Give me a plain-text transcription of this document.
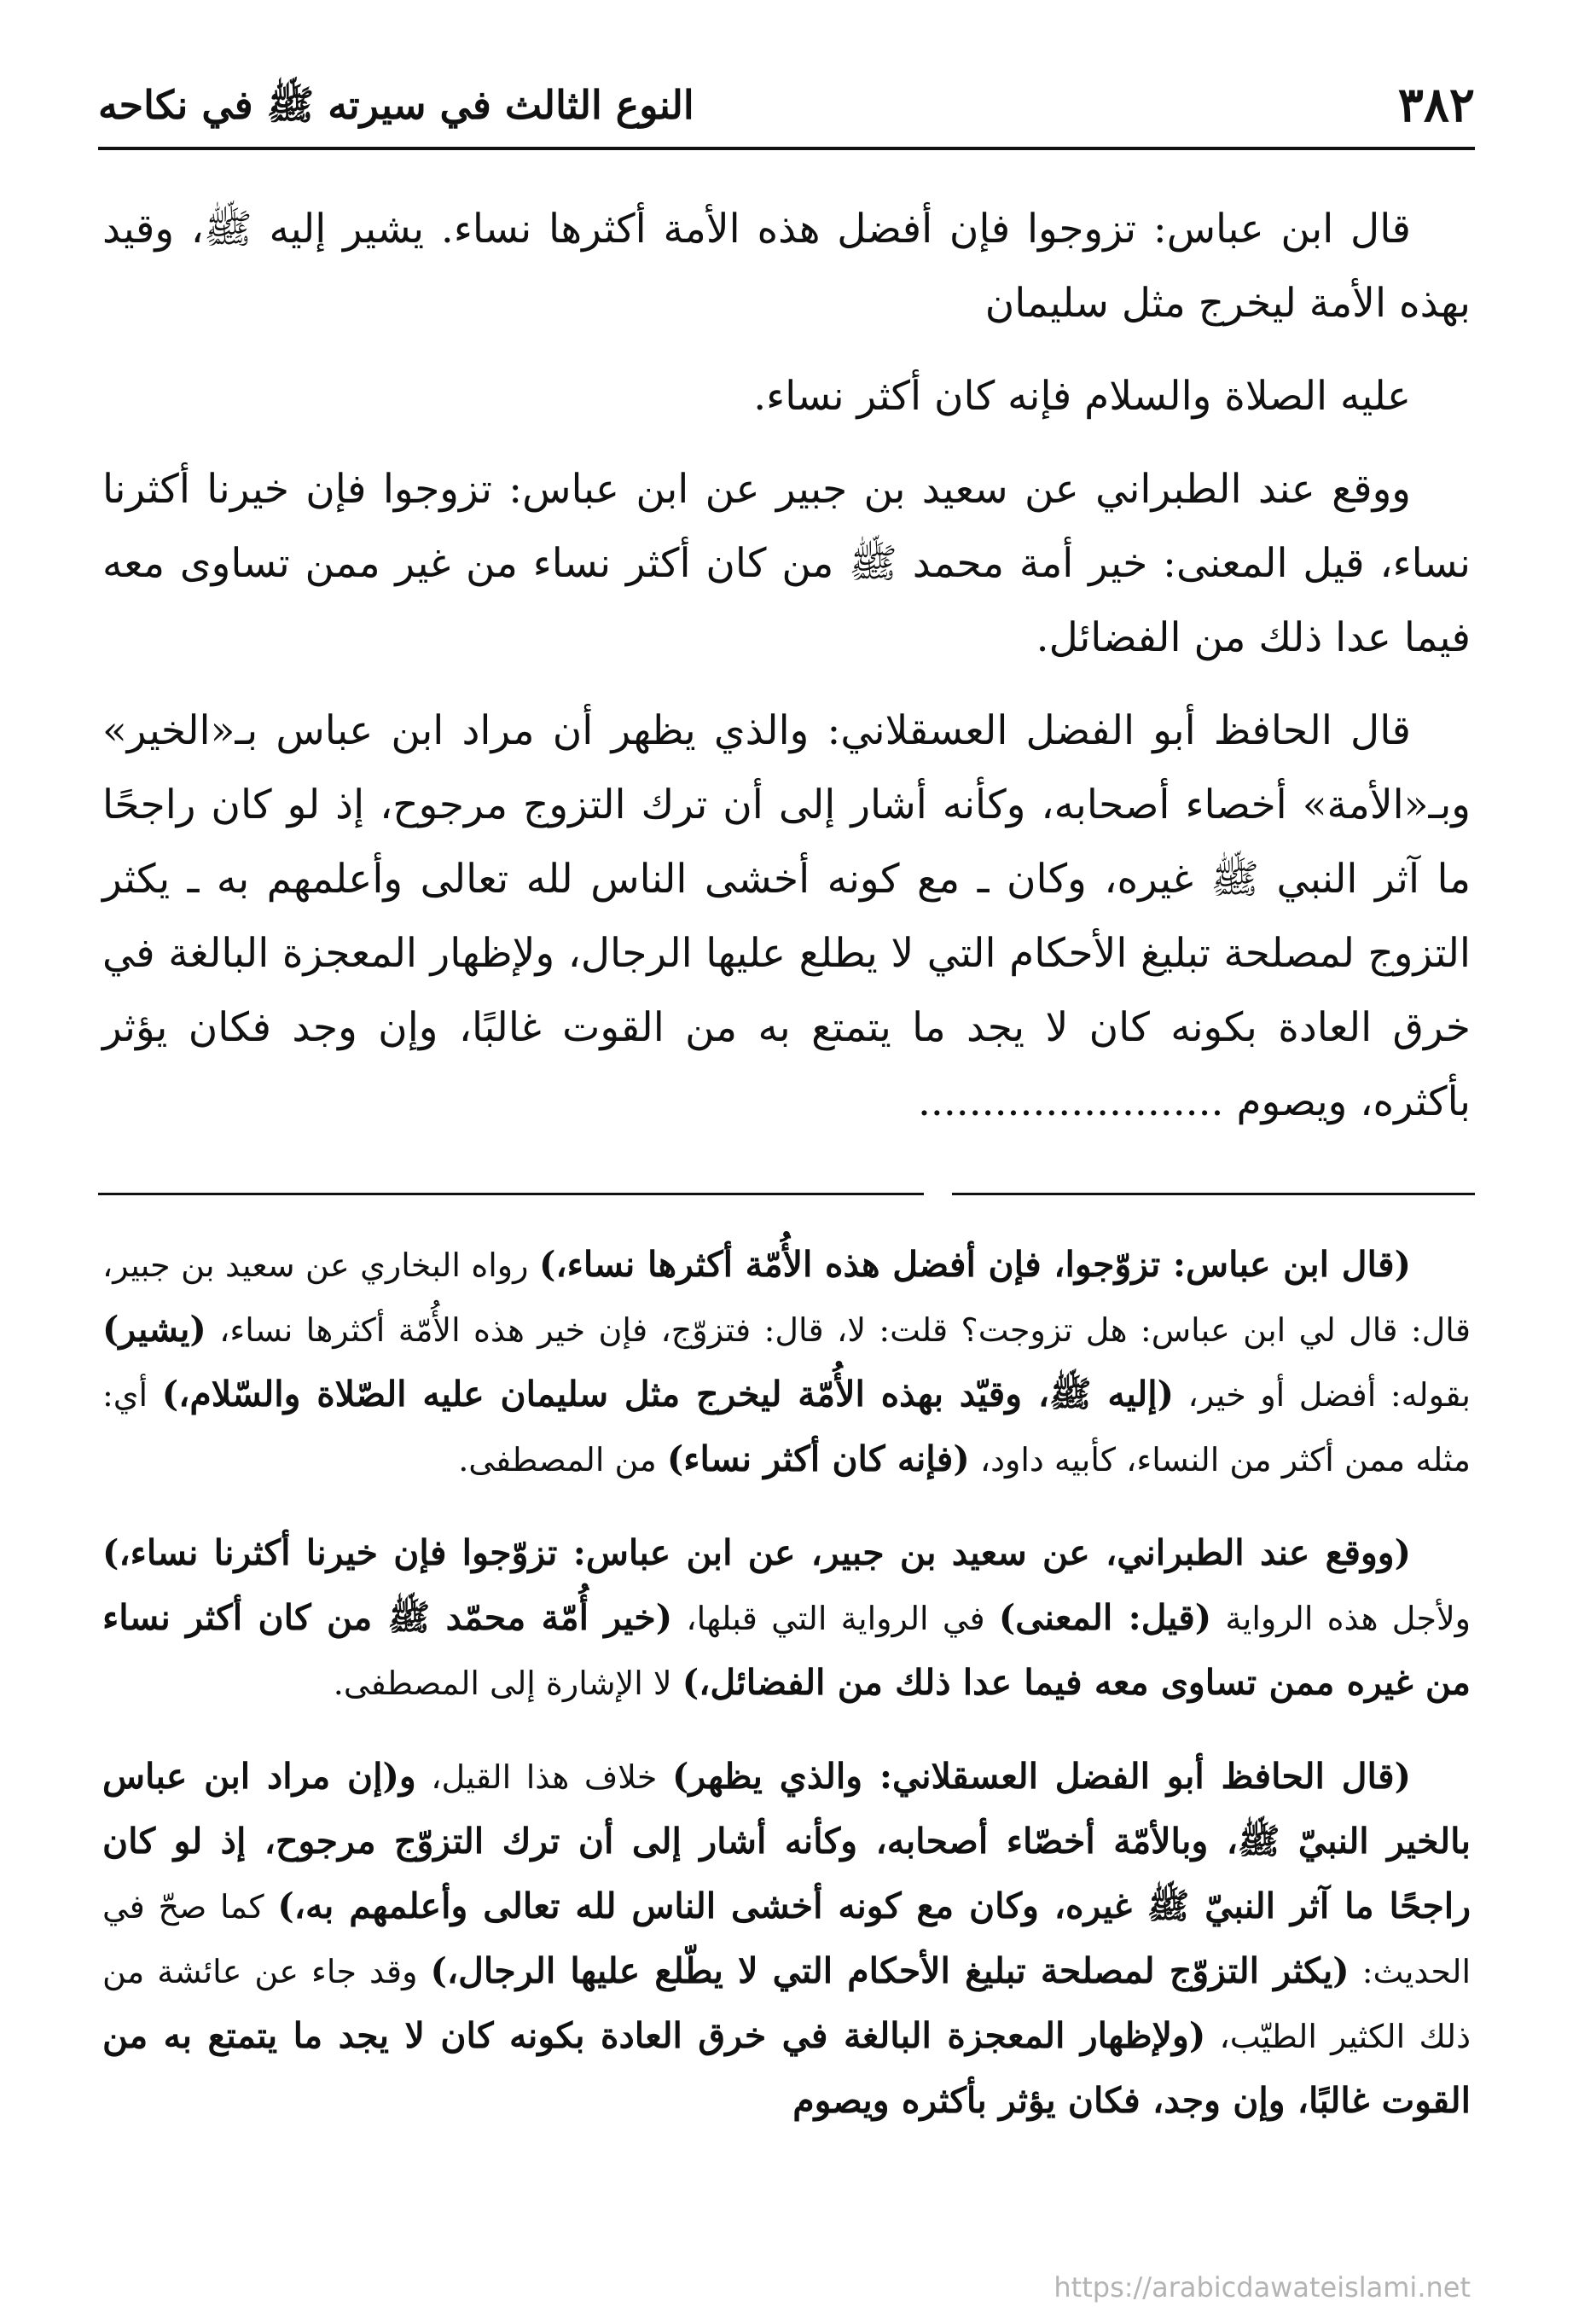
٣٨٢
النوع الثالث في سيرته ﷺ في نكاحه

قال ابن عباس: تزوجوا فإن أفضل هذه الأمة أكثرها نساء. يشير إليه ﷺ، وقيد بهذه الأمة ليخرج مثل سليمان

عليه الصلاة والسلام فإنه كان أكثر نساء.

ووقع عند الطبراني عن سعيد بن جبير عن ابن عباس: تزوجوا فإن خيرنا أكثرنا نساء، قيل المعنى: خير أمة محمد ﷺ من كان أكثر نساء من غير ممن تساوى معه فيما عدا ذلك من الفضائل.

قال الحافظ أبو الفضل العسقلاني: والذي يظهر أن مراد ابن عباس بـ«الخير» وبـ«الأمة» أخصاء أصحابه، وكأنه أشار إلى أن ترك التزوج مرجوح، إذ لو كان راجحًا ما آثر النبي ﷺ غيره، وكان ـ مع كونه أخشى الناس لله تعالى وأعلمهم به ـ يكثر التزوج لمصلحة تبليغ الأحكام التي لا يطلع عليها الرجال، ولإظهار المعجزة البالغة في خرق العادة بكونه كان لا يجد ما يتمتع به من القوت غالبًا، وإن وجد فكان يؤثر بأكثره، ويصوم ........................

(قال ابن عباس: تزوّجوا، فإن أفضل هذه الأُمّة أكثرها نساء،) رواه البخاري عن سعيد بن جبير، قال: قال لي ابن عباس: هل تزوجت؟ قلت: لا، قال: فتزوّج، فإن خير هذه الأُمّة أكثرها نساء، (يشير) بقوله: أفضل أو خير، (إليه ﷺ، وقيّد بهذه الأُمّة ليخرج مثل سليمان عليه الصّلاة والسّلام،) أي: مثله ممن أكثر من النساء، كأبيه داود، (فإنه كان أكثر نساء) من المصطفى.

(ووقع عند الطبراني، عن سعيد بن جبير، عن ابن عباس: تزوّجوا فإن خيرنا أكثرنا نساء،) ولأجل هذه الرواية (قيل: المعنى) في الرواية التي قبلها، (خير أُمّة محمّد ﷺ من كان أكثر نساء من غيره ممن تساوى معه فيما عدا ذلك من الفضائل،) لا الإشارة إلى المصطفى.

(قال الحافظ أبو الفضل العسقلاني: والذي يظهر) خلاف هذا القيل، و(إن مراد ابن عباس بالخير النبيّ ﷺ، وبالأمّة أخصّاء أصحابه، وكأنه أشار إلى أن ترك التزوّج مرجوح، إذ لو كان راجحًا ما آثر النبيّ ﷺ غيره، وكان مع كونه أخشى الناس لله تعالى وأعلمهم به،) كما صحّ في الحديث: (يكثر التزوّج لمصلحة تبليغ الأحكام التي لا يطّلع عليها الرجال،) وقد جاء عن عائشة من ذلك الكثير الطيّب، (ولإظهار المعجزة البالغة في خرق العادة بكونه كان لا يجد ما يتمتع به من القوت غالبًا، وإن وجد، فكان يؤثر بأكثره ويصوم

https://arabicdawateislami.net
